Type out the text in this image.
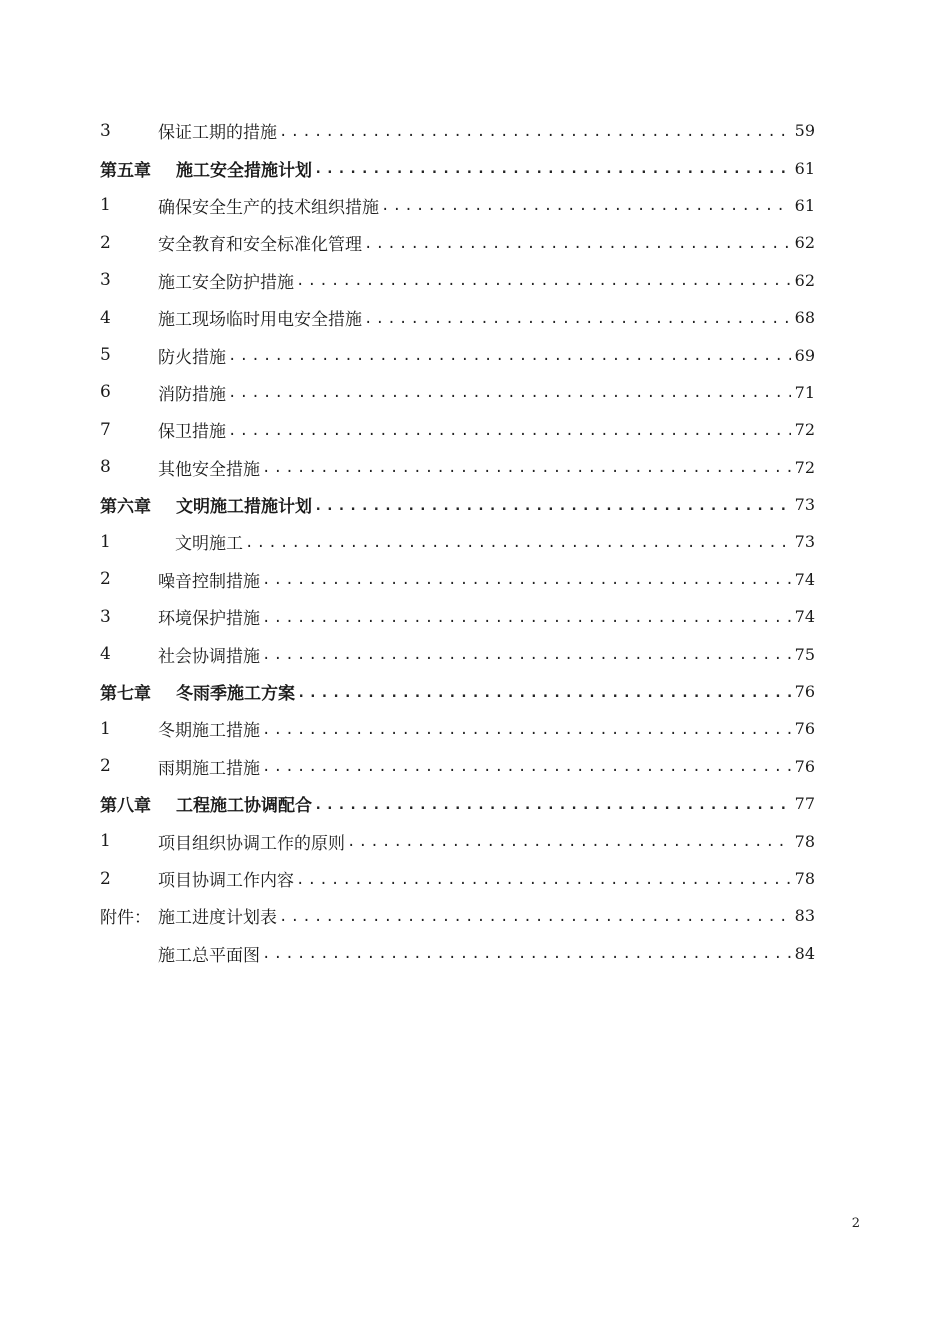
3	保证工期的措施 .....	59
第五章	施工安全措施计划 .....	61
1	确保安全生产的技术组织措施 .....	61
2	安全教育和安全标准化管理 .....	62
3	施工安全防护措施 .....	62
4	施工现场临时用电安全措施 .....	68
5	防火措施 .....	69
6	消防措施 .....	71
7	保卫措施 .....	72
8	其他安全措施 .....	72
第六章	文明施工措施计划 .....	73
1	文明施工 .....	73
2	噪音控制措施 .....	74
3	环境保护措施 .....	74
4	社会协调措施 .....	75
第七章	冬雨季施工方案 .....	76
1	冬期施工措施 .....	76
2	雨期施工措施 .....	76
第八章	工程施工协调配合 .....	77
1	项目组织协调工作的原则 .....	78
2	项目协调工作内容 .....	78
附件： 施工进度计划表 .....	83
施工总平面图 .....	84
2
